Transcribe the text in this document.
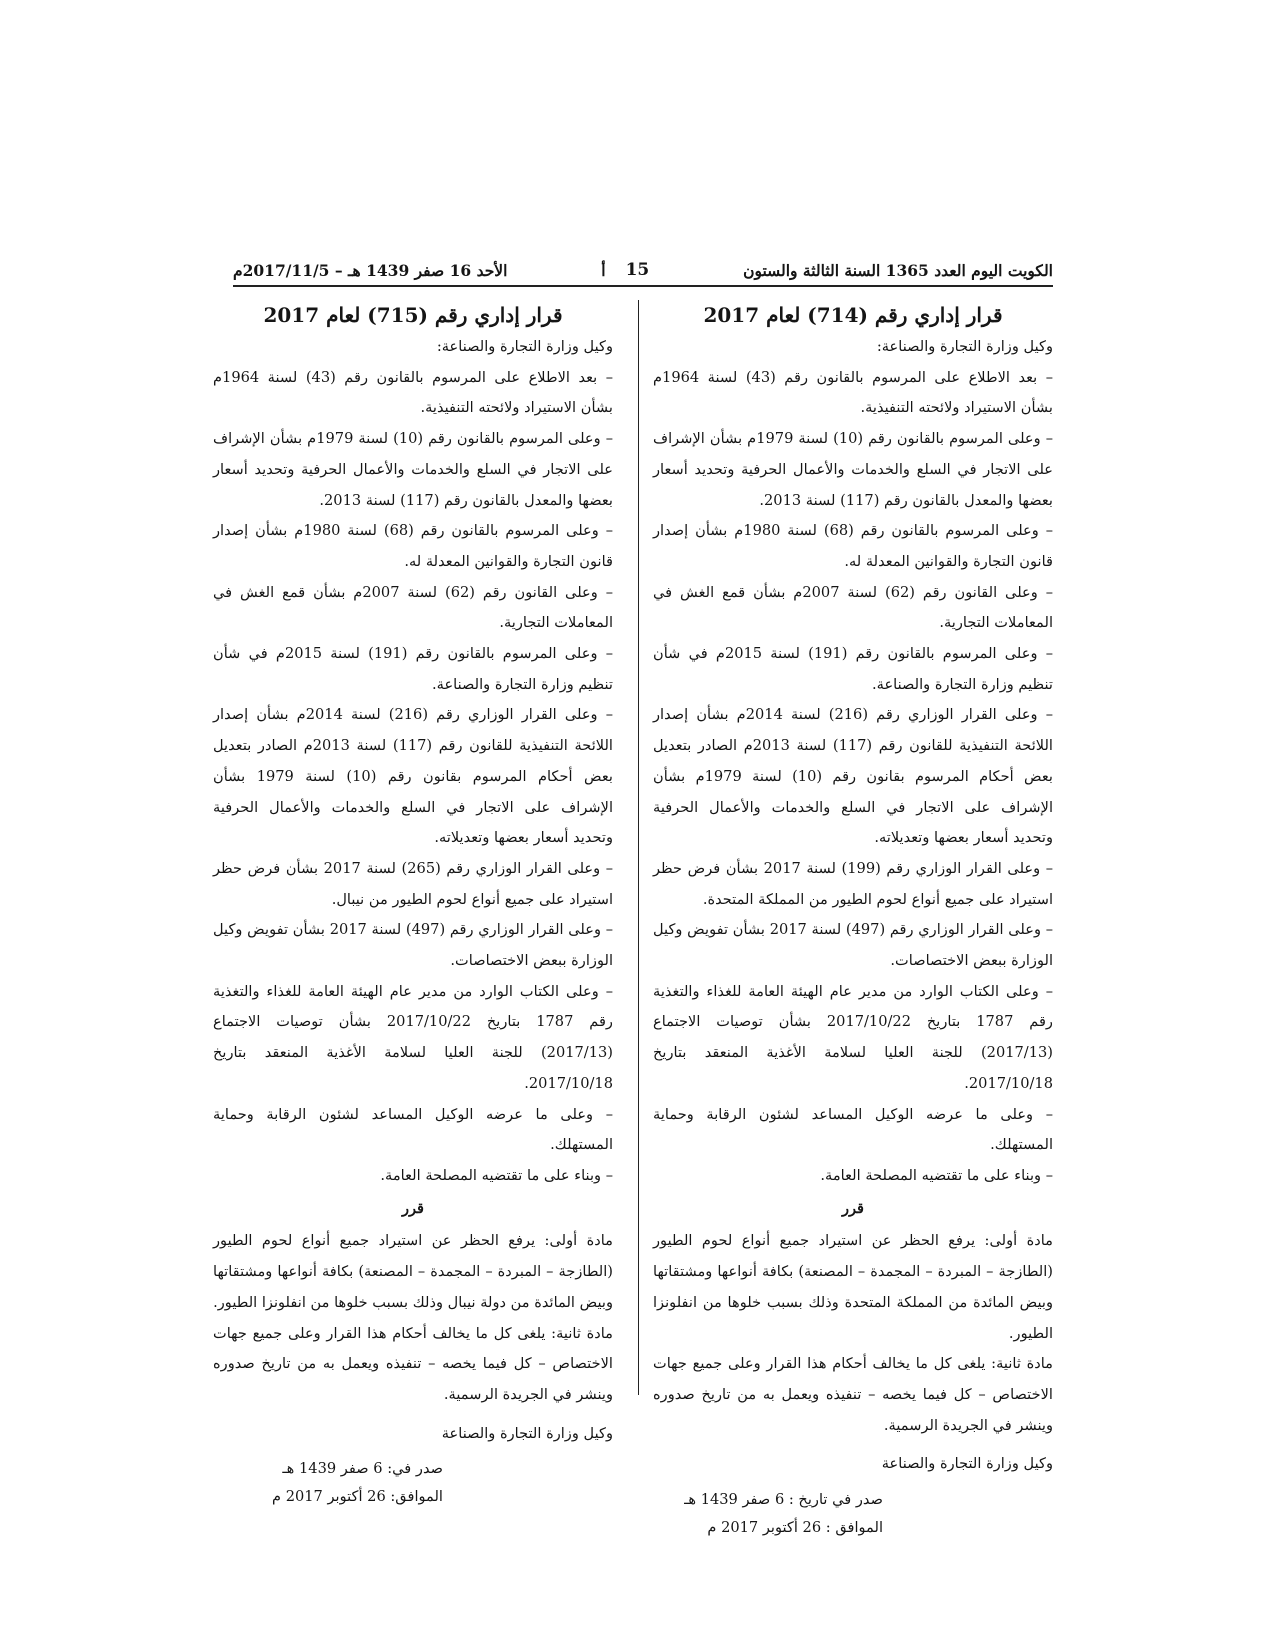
الكويت اليوم العدد 1365 السنة الثالثة والستون
15
أ
الأحد 16 صفر 1439 هـ – 2017/11/5م
قرار إداري رقم (714) لعام 2017

وكيل وزارة التجارة والصناعة:

– بعد الاطلاع على المرسوم بالقانون رقم (43) لسنة 1964م بشأن الاستيراد ولائحته التنفيذية.

– وعلى المرسوم بالقانون رقم (10) لسنة 1979م بشأن الإشراف على الاتجار في السلع والخدمات والأعمال الحرفية وتحديد أسعار بعضها والمعدل بالقانون رقم (117) لسنة 2013.

– وعلى المرسوم بالقانون رقم (68) لسنة 1980م بشأن إصدار قانون التجارة والقوانين المعدلة له.

– وعلى القانون رقم (62) لسنة 2007م بشأن قمع الغش في المعاملات التجارية.

– وعلى المرسوم بالقانون رقم (191) لسنة 2015م في شأن تنظيم وزارة التجارة والصناعة.

– وعلى القرار الوزاري رقم (216) لسنة 2014م بشأن إصدار اللائحة التنفيذية للقانون رقم (117) لسنة 2013م الصادر بتعديل بعض أحكام المرسوم بقانون رقم (10) لسنة 1979م بشأن الإشراف على الاتجار في السلع والخدمات والأعمال الحرفية وتحديد أسعار بعضها وتعديلاته.

– وعلى القرار الوزاري رقم (199) لسنة 2017 بشأن فرض حظر استيراد على جميع أنواع لحوم الطيور من المملكة المتحدة.

– وعلى القرار الوزاري رقم (497) لسنة 2017 بشأن تفويض وكيل الوزارة ببعض الاختصاصات.

– وعلى الكتاب الوارد من مدير عام الهيئة العامة للغذاء والتغذية رقم 1787 بتاريخ 2017/10/22 بشأن توصيات الاجتماع (2017/13) للجنة العليا لسلامة الأغذية المنعقد بتاريخ 2017/10/18.

– وعلى ما عرضه الوكيل المساعد لشئون الرقابة وحماية المستهلك.

– وبناء على ما تقتضيه المصلحة العامة.

قرر

مادة أولى: يرفع الحظر عن استيراد جميع أنواع لحوم الطيور (الطازجة – المبردة – المجمدة – المصنعة) بكافة أنواعها ومشتقاتها وبيض المائدة من المملكة المتحدة وذلك بسبب خلوها من انفلونزا الطيور.

مادة ثانية: يلغى كل ما يخالف أحكام هذا القرار وعلى جميع جهات الاختصاص – كل فيما يخصه – تنفيذه ويعمل به من تاريخ صدوره وينشر في الجريدة الرسمية.

وكيل وزارة التجارة والصناعة

صدر في تاريخ : 6 صفر 1439 هـ
الموافق : 26 أكتوبر 2017 م
قرار إداري رقم (715) لعام 2017

وكيل وزارة التجارة والصناعة:

– بعد الاطلاع على المرسوم بالقانون رقم (43) لسنة 1964م بشأن الاستيراد ولائحته التنفيذية.

– وعلى المرسوم بالقانون رقم (10) لسنة 1979م بشأن الإشراف على الاتجار في السلع والخدمات والأعمال الحرفية وتحديد أسعار بعضها والمعدل بالقانون رقم (117) لسنة 2013.

– وعلى المرسوم بالقانون رقم (68) لسنة 1980م بشأن إصدار قانون التجارة والقوانين المعدلة له.

– وعلى القانون رقم (62) لسنة 2007م بشأن قمع الغش في المعاملات التجارية.

– وعلى المرسوم بالقانون رقم (191) لسنة 2015م في شأن تنظيم وزارة التجارة والصناعة.

– وعلى القرار الوزاري رقم (216) لسنة 2014م بشأن إصدار اللائحة التنفيذية للقانون رقم (117) لسنة 2013م الصادر بتعديل بعض أحكام المرسوم بقانون رقم (10) لسنة 1979 بشأن الإشراف على الاتجار في السلع والخدمات والأعمال الحرفية وتحديد أسعار بعضها وتعديلاته.

– وعلى القرار الوزاري رقم (265) لسنة 2017 بشأن فرض حظر استيراد على جميع أنواع لحوم الطيور من نيبال.

– وعلى القرار الوزاري رقم (497) لسنة 2017 بشأن تفويض وكيل الوزارة ببعض الاختصاصات.

– وعلى الكتاب الوارد من مدير عام الهيئة العامة للغذاء والتغذية رقم 1787 بتاريخ 2017/10/22 بشأن توصيات الاجتماع (2017/13) للجنة العليا لسلامة الأغذية المنعقد بتاريخ 2017/10/18.

– وعلى ما عرضه الوكيل المساعد لشئون الرقابة وحماية المستهلك.

– وبناء على ما تقتضيه المصلحة العامة.

قرر

مادة أولى: يرفع الحظر عن استيراد جميع أنواع لحوم الطيور (الطازجة – المبردة – المجمدة – المصنعة) بكافة أنواعها ومشتقاتها وبيض المائدة من دولة نيبال وذلك بسبب خلوها من انفلونزا الطيور.

مادة ثانية: يلغى كل ما يخالف أحكام هذا القرار وعلى جميع جهات الاختصاص – كل فيما يخصه – تنفيذه ويعمل به من تاريخ صدوره وينشر في الجريدة الرسمية.

وكيل وزارة التجارة والصناعة

صدر في: 6 صفر 1439 هـ
الموافق: 26 أكتوبر 2017 م
